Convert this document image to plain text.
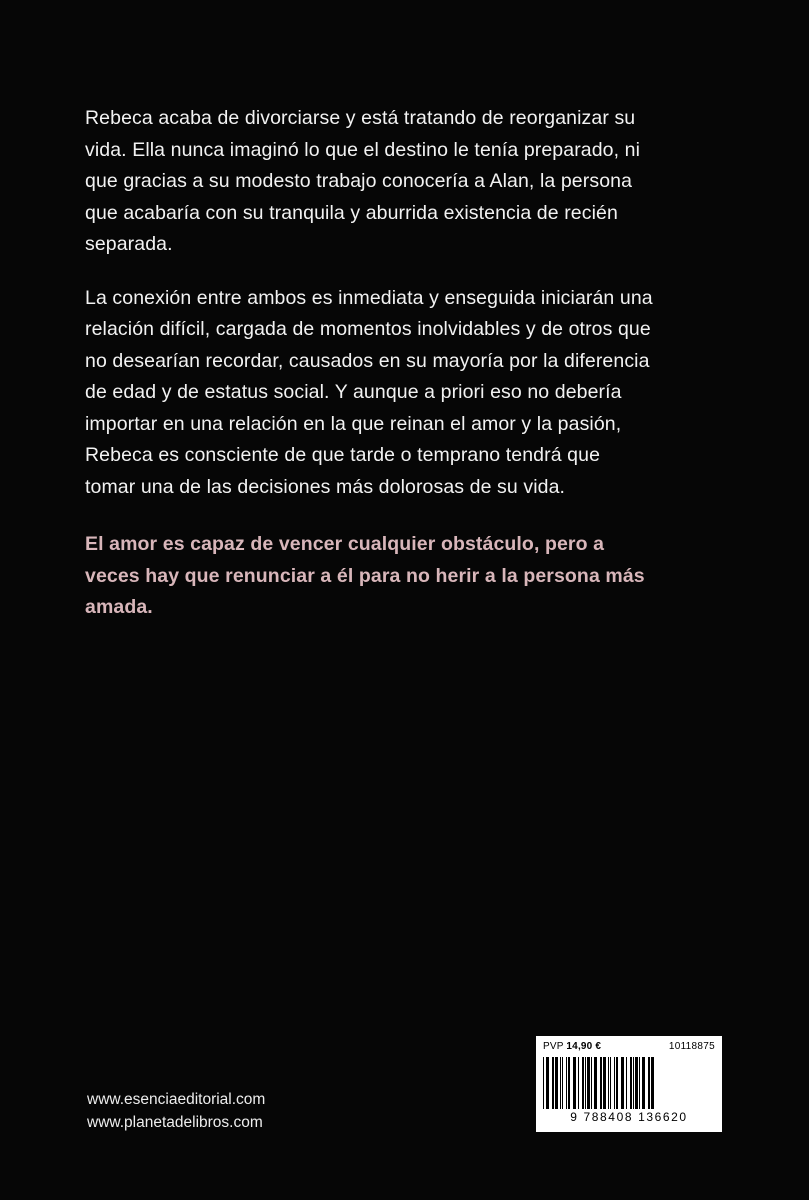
Rebeca acaba de divorciarse y está tratando de reorganizar su vida. Ella nunca imaginó lo que el destino le tenía preparado, ni que gracias a su modesto trabajo conocería a Alan, la persona que acabaría con su tranquila y aburrida existencia de recién separada.

La conexión entre ambos es inmediata y enseguida iniciarán una relación difícil, cargada de momentos inolvidables y de otros que no desearían recordar, causados en su mayoría por la diferencia de edad y de estatus social. Y aunque a priori eso no debería importar en una relación en la que reinan el amor y la pasión, Rebeca es consciente de que tarde o temprano tendrá que tomar una de las decisiones más dolorosas de su vida.

El amor es capaz de vencer cualquier obstáculo, pero a veces hay que renunciar a él para no herir a la persona más amada.

www.esenciaeditorial.com
www.planetadelibros.com
PVP 14,90 €	10118875
9 788408 136620
